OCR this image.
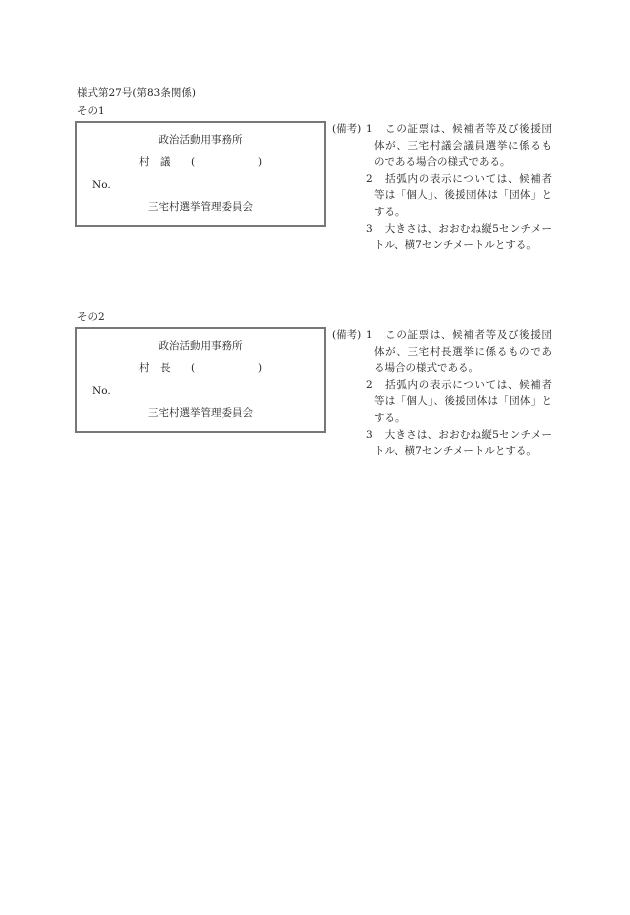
様式第27号(第83条関係)
その1
政治活動用事務所
村　議 (	)
No.
三宅村選挙管理委員会
(備考) 1 　この証票は、候補者等及び後援団体が、三宅村議会議員選挙に係るものである場合の様式である。
2 　括弧内の表示については、候補者等は「個人」、後援団体は「団体」とする。
3 　大きさは、おおむね縦5センチメートル、横7センチメートルとする。
その2
政治活動用事務所
村　長 (	)
No.
三宅村選挙管理委員会
(備考) 1 　この証票は、候補者等及び後援団体が、三宅村長選挙に係るものである場合の様式である。
2 　括弧内の表示については、候補者等は「個人」、後援団体は「団体」とする。
3 　大きさは、おおむね縦5センチメートル、横7センチメートルとする。
